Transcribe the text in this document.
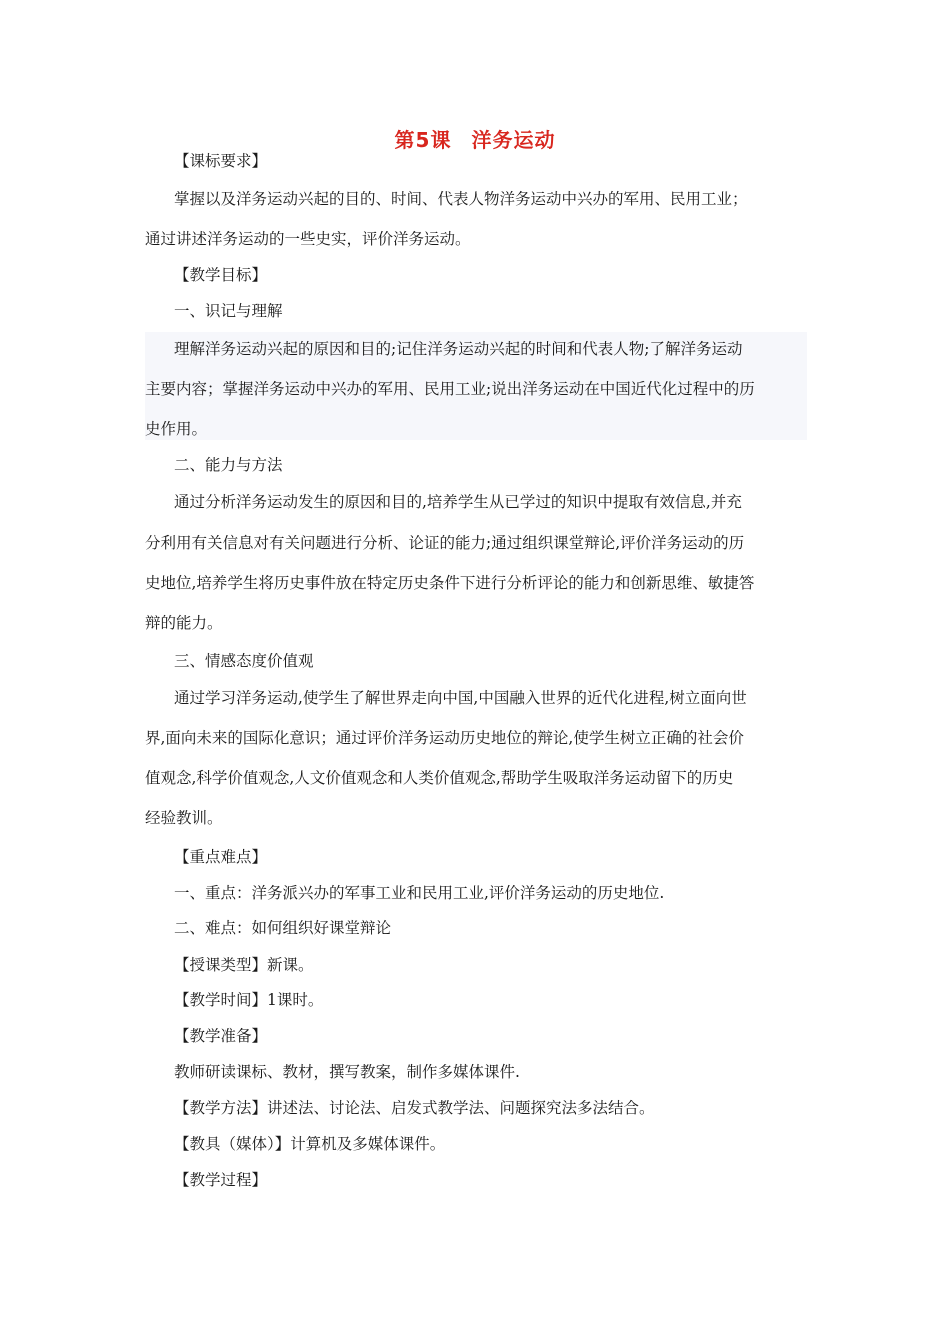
第5课 洋务运动
【课标要求】
掌握以及洋务运动兴起的目的、时间、代表人物洋务运动中兴办的军用、民用工业；
通过讲述洋务运动的一些史实，评价洋务运动。
【教学目标】
一、识记与理解
理解洋务运动兴起的原因和目的;记住洋务运动兴起的时间和代表人物;了解洋务运动
主要内容；掌握洋务运动中兴办的军用、民用工业;说出洋务运动在中国近代化过程中的历
史作用。
二、能力与方法
通过分析洋务运动发生的原因和目的,培养学生从已学过的知识中提取有效信息,并充
分利用有关信息对有关问题进行分析、论证的能力;通过组织课堂辩论,评价洋务运动的历
史地位,培养学生将历史事件放在特定历史条件下进行分析评论的能力和创新思维、敏捷答
辩的能力。
三、情感态度价值观
通过学习洋务运动,使学生了解世界走向中国,中国融入世界的近代化进程,树立面向世
界,面向未来的国际化意识；通过评价洋务运动历史地位的辩论,使学生树立正确的社会价
值观念,科学价值观念,人文价值观念和人类价值观念,帮助学生吸取洋务运动留下的历史
经验教训。
【重点难点】
一、重点：洋务派兴办的军事工业和民用工业,评价洋务运动的历史地位.
二、难点：如何组织好课堂辩论
【授课类型】新课。
【教学时间】1课时。
【教学准备】
教师研读课标、教材，撰写教案，制作多媒体课件.
【教学方法】讲述法、讨论法、启发式教学法、问题探究法多法结合。
【教具（媒体）】计算机及多媒体课件。
【教学过程】
